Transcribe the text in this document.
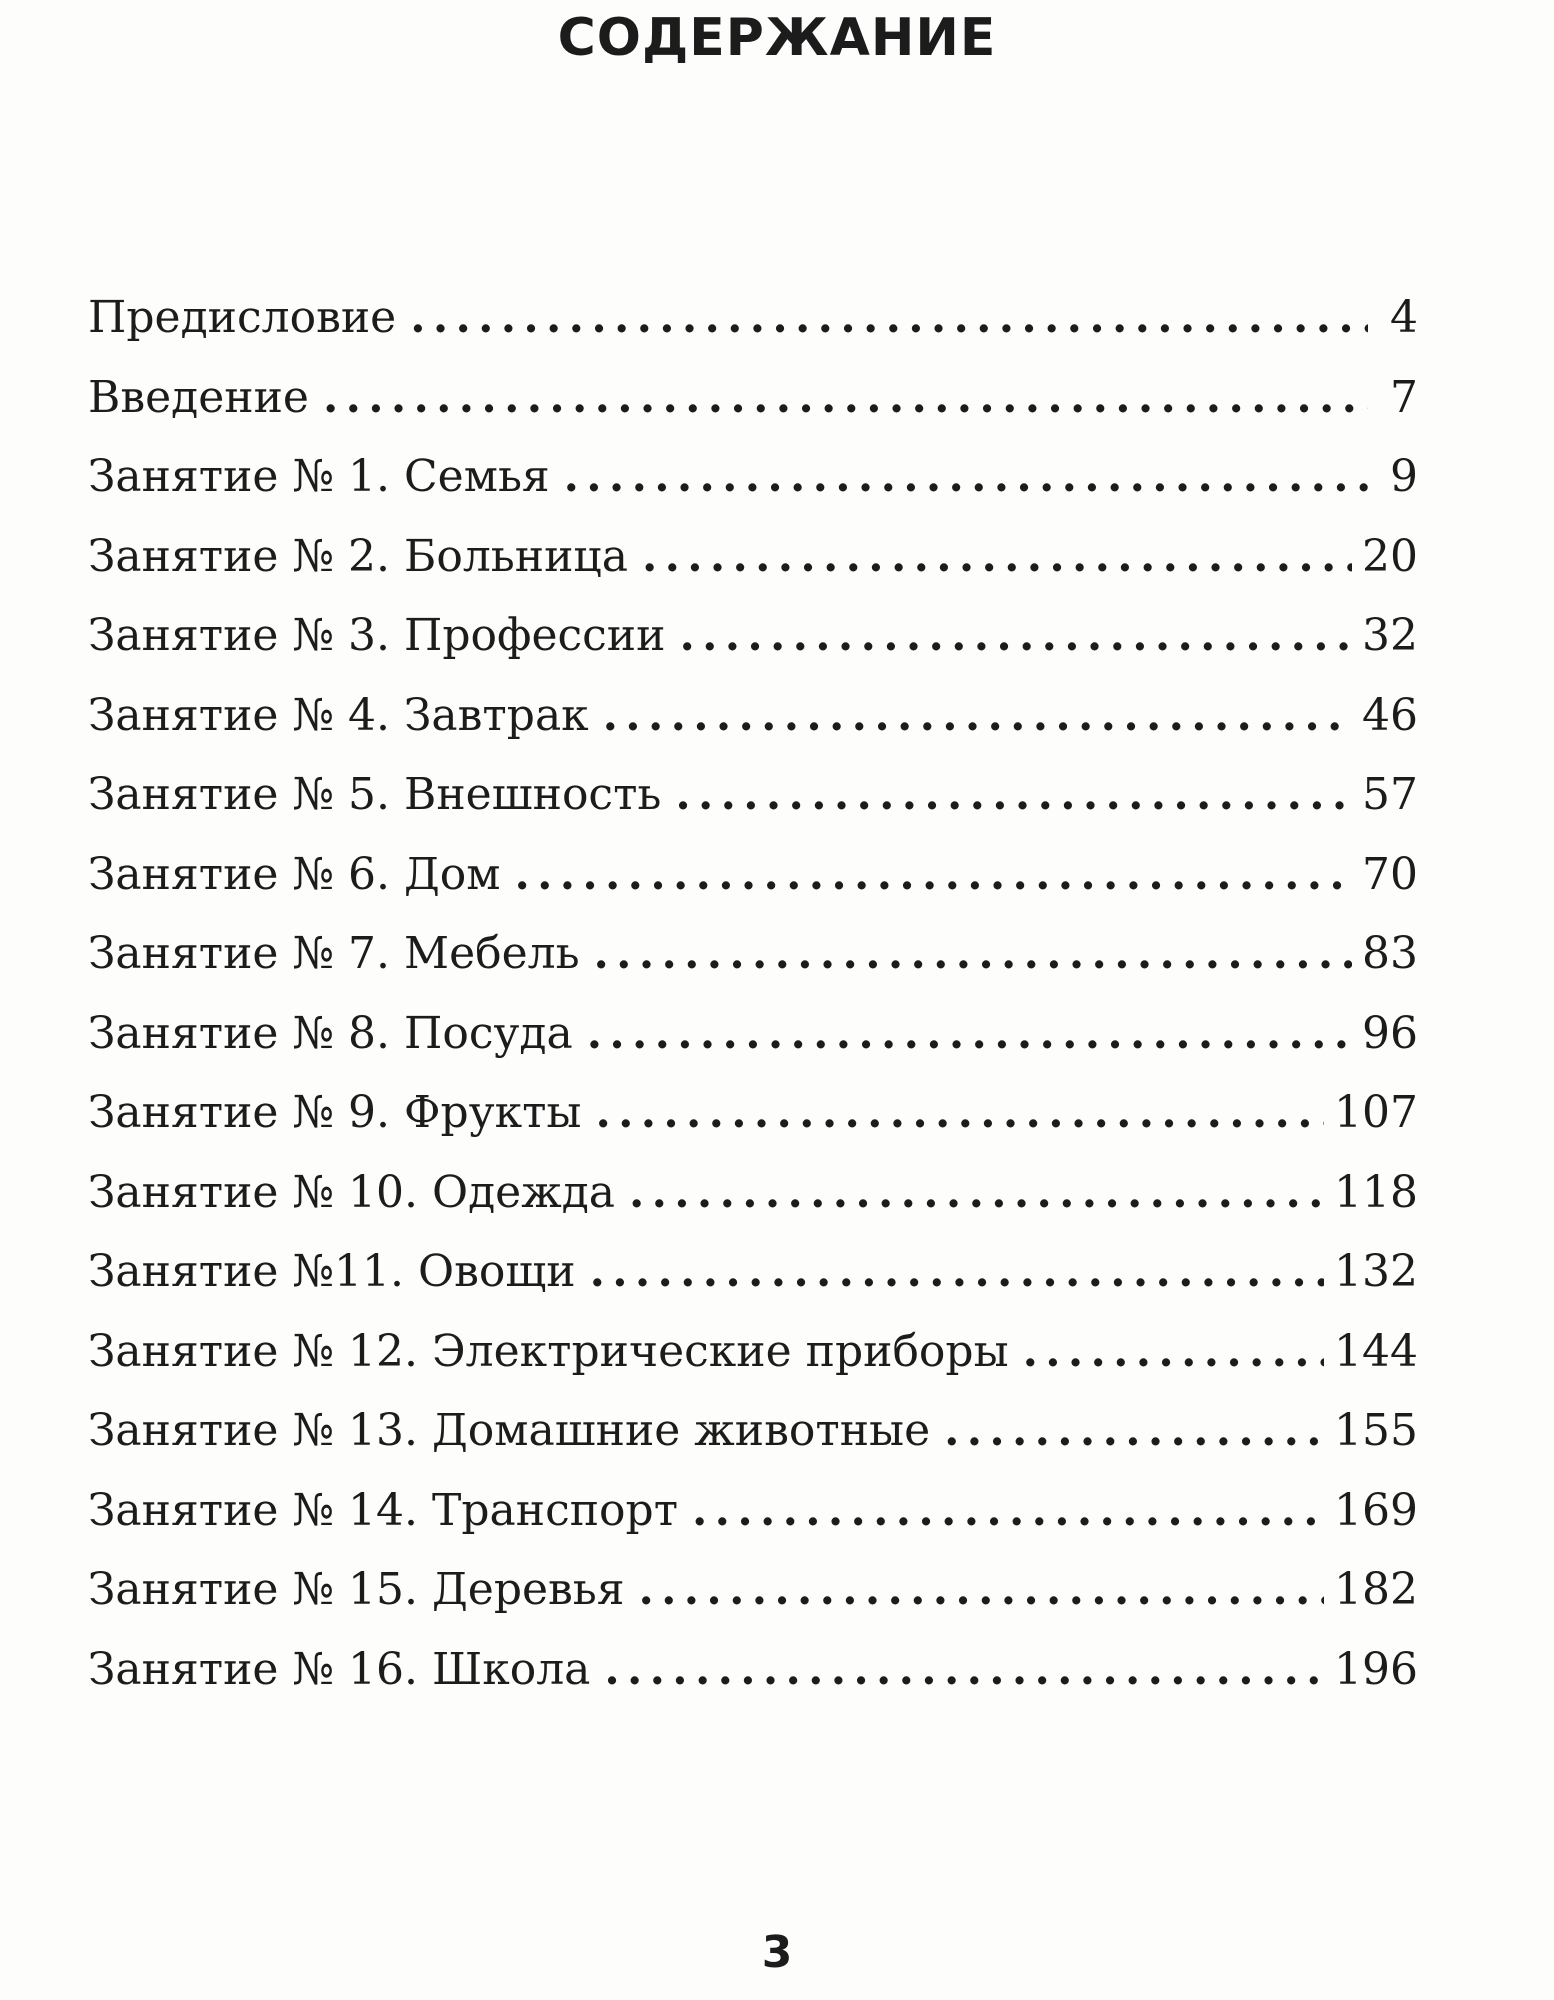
СОДЕРЖАНИЕ
Предисловие . . .	4
Введение . . .	7
Занятие № 1. Семья . . .	9
Занятие № 2. Больница . . .	20
Занятие № 3. Профессии . . .	32
Занятие № 4. Завтрак . . .	46
Занятие № 5. Внешность . . .	57
Занятие № 6. Дом . . .	70
Занятие № 7. Мебель . . .	83
Занятие № 8. Посуда . . .	96
Занятие № 9. Фрукты . . .	107
Занятие № 10. Одежда . . .	118
Занятие №11. Овощи . . .	132
Занятие № 12. Электрические приборы . . .	144
Занятие № 13. Домашние животные . . .	155
Занятие № 14. Транспорт . . .	169
Занятие № 15. Деревья . . .	182
Занятие № 16. Школа . . .	196
3
